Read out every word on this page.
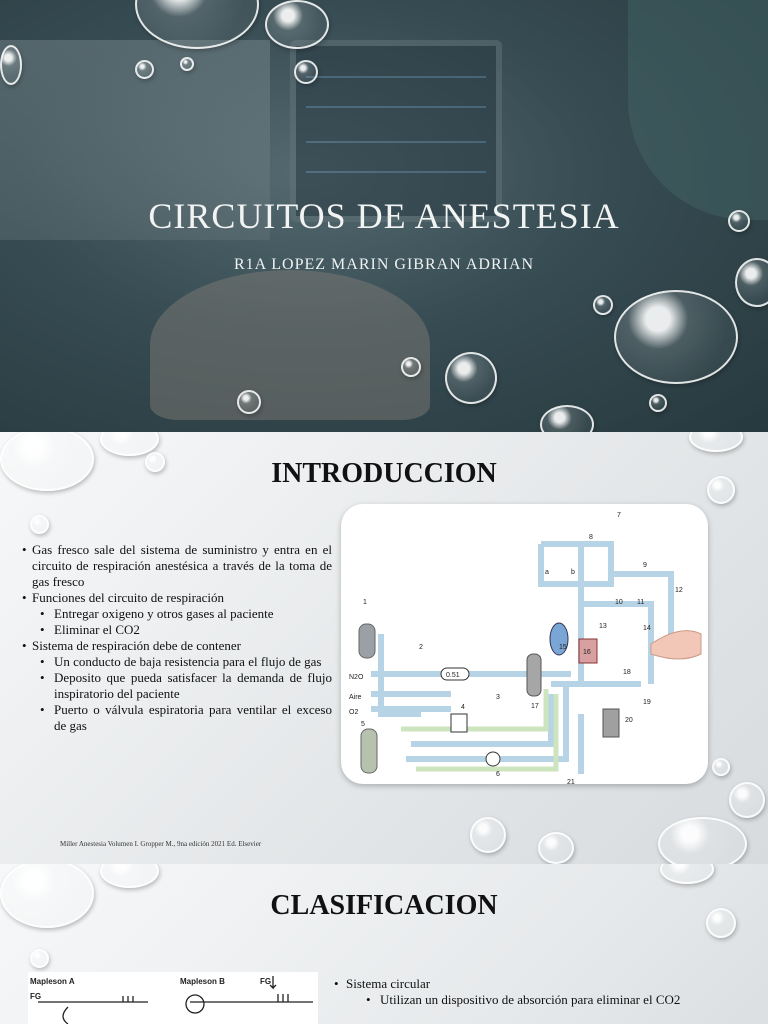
CIRCUITOS DE ANESTESIA
R1A LOPEZ MARIN GIBRAN ADRIAN
INTRODUCCION
• Gas fresco sale del sistema de suministro y entra en el circuito de respiración anestésica a través de la toma de gas fresco
• Funciones del circuito de respiración
• Entregar oxigeno y otros gases al paciente
• Eliminar el CO2
• Sistema de respiración debe de contener
• Un conducto de baja resistencia para el flujo de gas
• Deposito que pueda satisfacer la demanda de flujo inspiratorio del paciente
• Puerto o válvula espiratoria para ventilar el exceso de gas
N2O
Aire
O2
0.51
a	b
1
2
3
4
5
6
7
8
9
10 11
12
13	14
15
16
17
18
19
20
21
Miller Anestesia Volumen I. Gropper M., 9na edición 2021 Ed. Elsevier
CLASIFICACION
Mapleson A	Mapleson B
FG
FG
•	Sistema circular
• Utilizan un dispositivo de absorción para eliminar el CO2
